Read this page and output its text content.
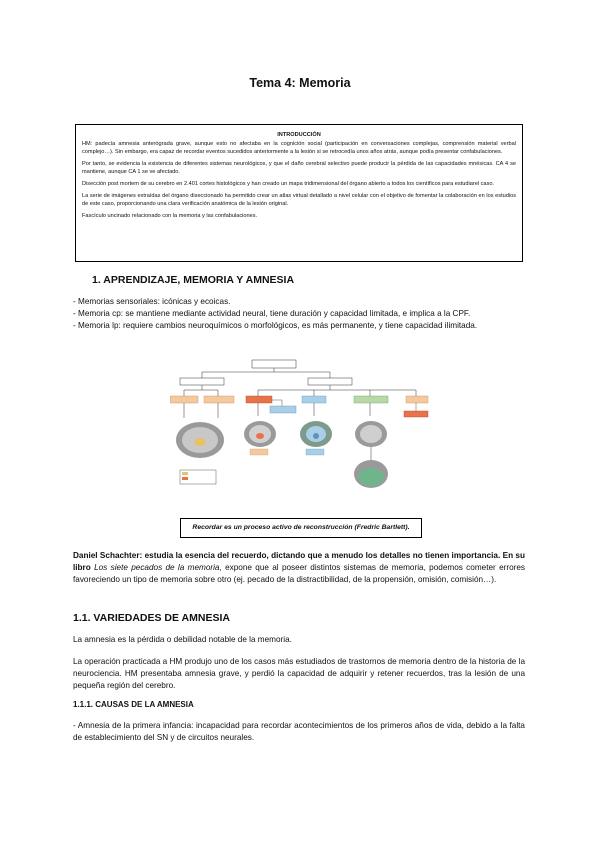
Tema 4: Memoria
INTRODUCCIÓN

HM: padecía amnesia anterógrada grave, aunque esto no afectaba en la cognición social (participación en conversaciones complejas, comprensión material verbal complejo…). Sin embargo, era capaz de recordar eventos sucedidos anteriormente a la lesión si se retrocedía unos años atrás, aunque podía presentar confabulaciones.

Por tanto, se evidencia la existencia de diferentes sistemas neurológicos, y que el daño cerebral selectivo puede producir la pérdida de las capacidades mnésicas. CA 4 se mantiene, aunque CA 1 se ve afectado.

Disección post mortem de su cerebro en 2.401 cortes histológicos y han creado un mapa tridimensional del órgano abierto a todos los científicos para estudiarel caso.

La serie de imágenes extraídas del órgano diseccionado ha permitido crear un atlas virtual detallado a nivel celular con el objetivo de fomentar la colaboración en los estudios de este caso, proporcionando una clara verificación anatómica de la lesión original.

Fascículo uncinado relacionado con la memoria y las confabulaciones.

1. APRENDIZAJE, MEMORIA Y AMNESIA

- Memorias sensoriales: icónicas y ecoicas.

- Memoria cp: se mantiene mediante actividad neural, tiene duración y capacidad limitada, e implica a la CPF.

- Memoria lp: requiere cambios neuroquímicos o morfológicos, es más permanente, y tiene capacidad ilimitada.

Recordar es un proceso activo de reconstrucción (Fredric Bartlett).

Daniel Schachter: estudia la esencia del recuerdo, dictando que a menudo los detalles no tienen importancia. En su libro Los siete pecados de la memoria, expone que al poseer distintos sistemas de memoria, podemos cometer errores favoreciendo un tipo de memoria sobre otro (ej. pecado de la distractibilidad, de la propensión, omisión, comisión…).

1.1. VARIEDADES DE AMNESIA

La amnesia es la pérdida o debilidad notable de la memoria.

La operación practicada a HM produjo uno de los casos más estudiados de trastornos de memoria dentro de la historia de la neurociencia. HM presentaba amnesia grave, y perdió la capacidad de adquirir y retener recuerdos, tras la lesión de una pequeña región del cerebro.

1.1.1. CAUSAS DE LA AMNESIA

- Amnesia de la primera infancia: incapacidad para recordar acontecimientos de los primeros años de vida, debido a la falta de establecimiento del SN y de circuitos neurales.
